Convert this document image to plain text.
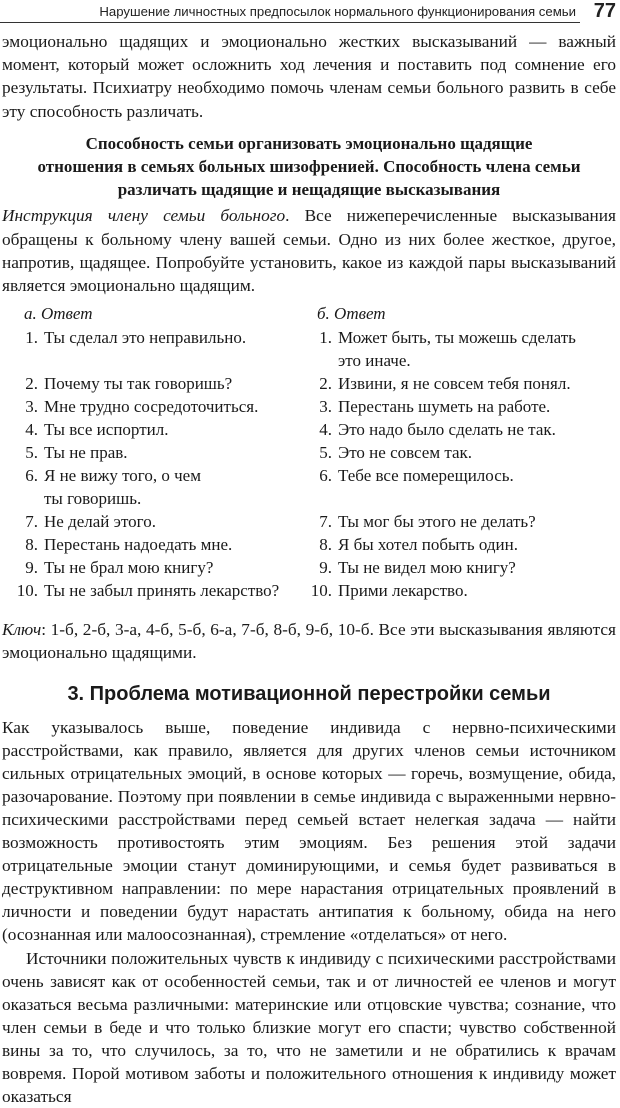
Нарушение личностных предпосылок нормального функционирования семьи 77

эмоционально щадящих и эмоционально жестких высказываний — важный момент, который может осложнить ход лечения и поставить под сомнение его результаты. Психиатру необходимо помочь членам семьи больного развить в себе эту способность различать.

Способность семьи организовать эмоционально щадящие
отношения в семьях больных шизофренией. Способность члена семьи
различать щадящие и нещадящие высказывания

Инструкция члену семьи больного. Все нижеперечисленные высказывания обращены к больному члену вашей семьи. Одно из них более жесткое, другое, напротив, щадящее. Попробуйте установить, какое из каждой пары высказываний является эмоционально щадящим.

а. Ответ	б. Ответ
1. Ты сделал это неправильно.
2. Почему ты так говоришь?
3. Мне трудно сосредоточиться.
4. Ты все испортил.
5. Ты не прав.
6. Я не вижу того, о чем
ты говоришь.
7. Не делай этого.
8. Перестань надоедать мне.
9. Ты не брал мою книгу?
10. Ты не забыл принять лекарство?
1. Может быть, ты можешь сделать
это иначе.
2. Извини, я не совсем тебя понял.
3. Перестань шуметь на работе.
4. Это надо было сделать не так.
5. Это не совсем так.
6. Тебе все померещилось.
7. Ты мог бы этого не делать?
8. Я бы хотел побыть один.
9. Ты не видел мою книгу?
10. Прими лекарство.

Ключ: 1-б, 2-б, 3-а, 4-б, 5-б, 6-а, 7-б, 8-б, 9-б, 10-б. Все эти высказывания являются эмоционально щадящими.

3. Проблема мотивационной перестройки семьи

Как указывалось выше, поведение индивида с нервно-психическими расстройствами, как правило, является для других членов семьи источником сильных отрицательных эмоций, в основе которых — горечь, возмущение, обида, разочарование. Поэтому при появлении в семье индивида с выраженными нервно-психическими расстройствами перед семьей встает нелегкая задача — найти возможность противостоять этим эмоциям. Без решения этой задачи отрицательные эмоции станут доминирующими, и семья будет развиваться в деструктивном направлении: по мере нарастания отрицательных проявлений в личности и поведении будут нарастать антипатия к больному, обида на него (осознанная или малоосознанная), стремление «отделаться» от него.

Источники положительных чувств к индивиду с психическими расстройствами очень зависят как от особенностей семьи, так и от личностей ее членов и могут оказаться весьма различными: материнские или отцовские чувства; сознание, что член семьи в беде и что только близкие могут его спасти; чувство собственной вины за то, что случилось, за то, что не заметили и не обратились к врачам вовремя. Порой мотивом заботы и положительного отношения к индивиду может оказаться
